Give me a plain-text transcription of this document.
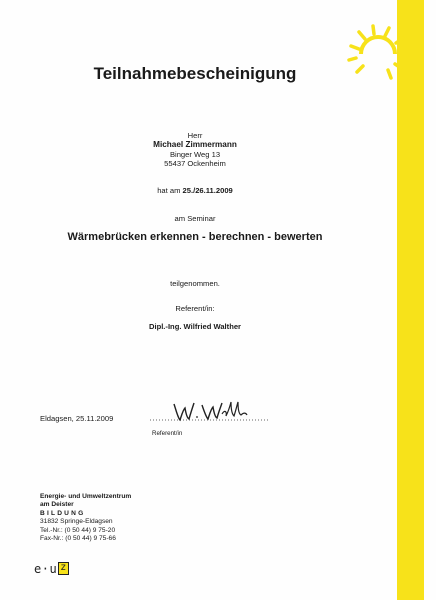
Teilnahmebescheinigung
Herr
Michael Zimmermann
Binger Weg 13
55437 Ockenheim
hat am 25./26.11.2009
am Seminar
Wärmebrücken erkennen - berechnen - bewerten
teilgenommen.
Referent/in:
Dipl.-Ing. Wilfried Walther
Eldagsen, 25.11.2009
Referent/in
Energie- und Umweltzentrum
am Deister
BILDUNG
31832 Springe-Eldagsen
Tel.-Nr.: (0 50 44) 9 75-20
Fax-Nr.: (0 50 44) 9 75-66
e · u z
